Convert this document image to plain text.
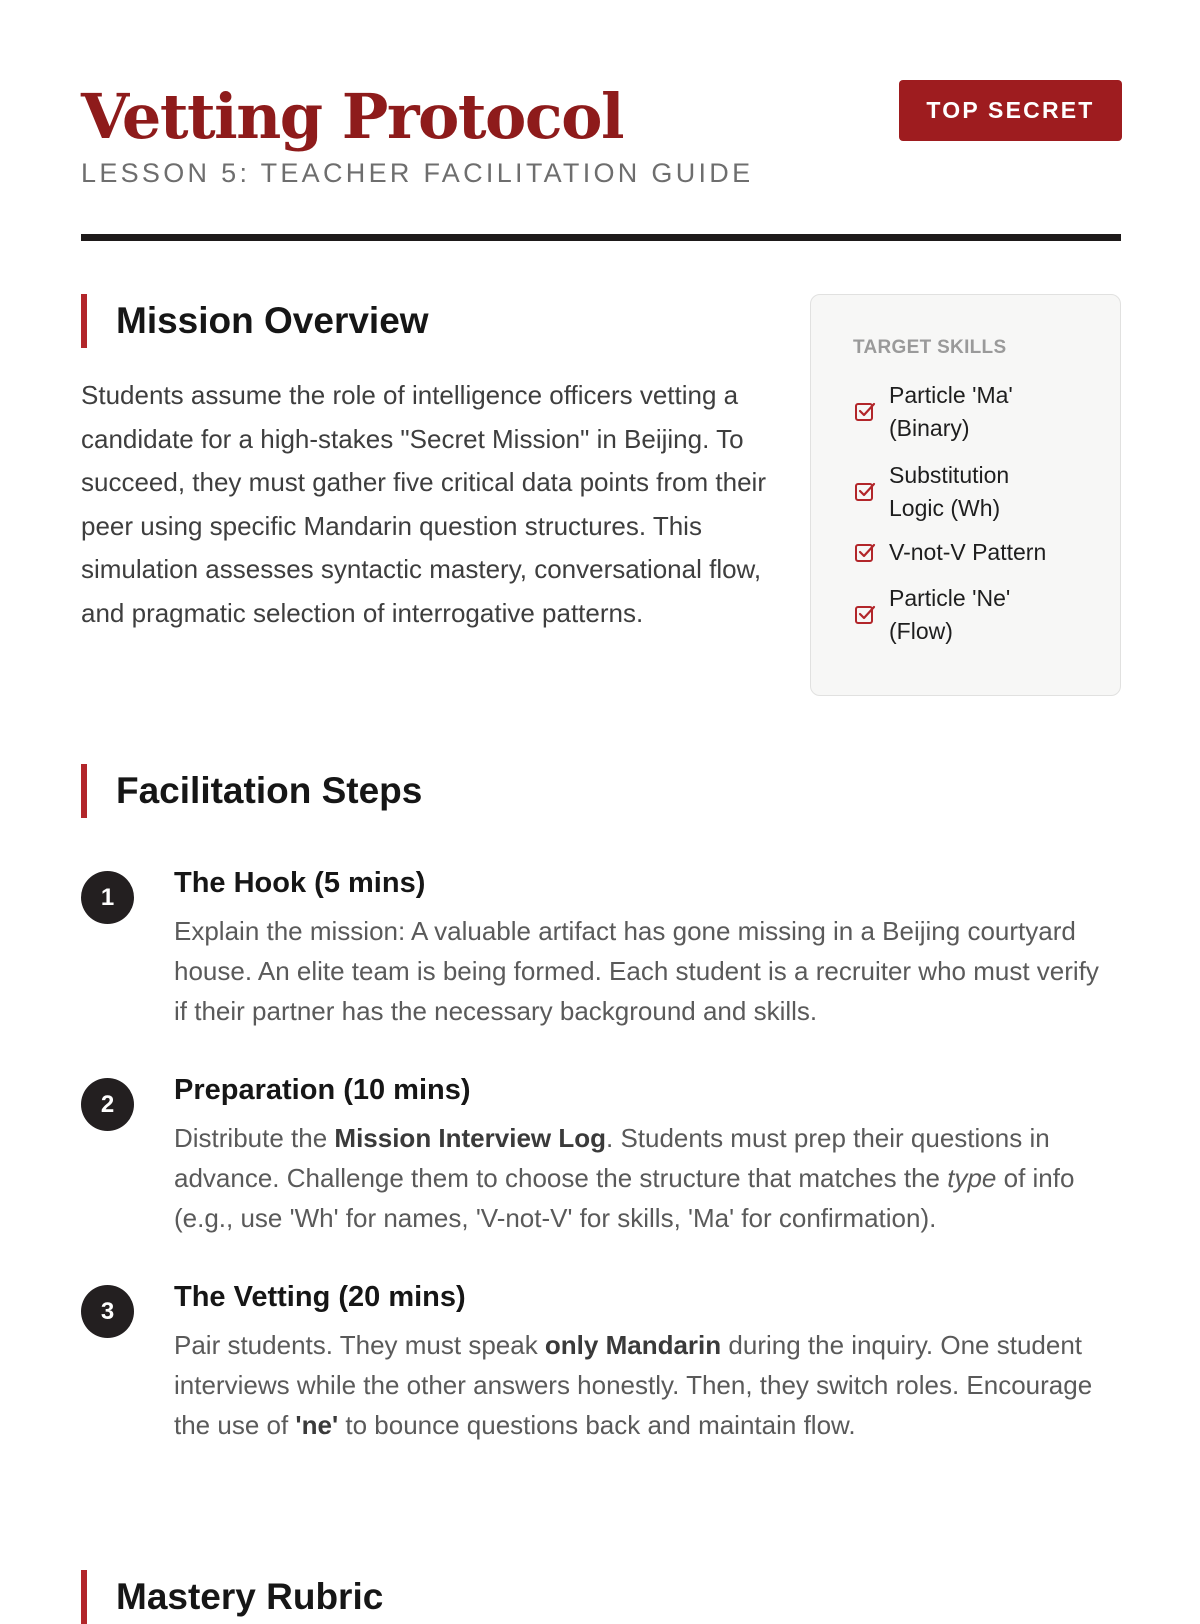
Vetting Protocol
LESSON 5: TEACHER FACILITATION GUIDE
TOP SECRET
Mission Overview

Students assume the role of intelligence officers vetting a candidate for a high-stakes "Secret Mission" in Beijing. To succeed, they must gather five critical data points from their peer using specific Mandarin question structures. This simulation assesses syntactic mastery, conversational flow, and pragmatic selection of interrogative patterns.

TARGET SKILLS
Particle 'Ma' (Binary)
Substitution Logic (Wh)
V-not-V Pattern
Particle 'Ne' (Flow)
Facilitation Steps
1	The Hook (5 mins)

Explain the mission: A valuable artifact has gone missing in a Beijing courtyard house. An elite team is being formed. Each student is a recruiter who must verify if their partner has the necessary background and skills.

2	Preparation (10 mins)

Distribute the Mission Interview Log. Students must prep their questions in advance. Challenge them to choose the structure that matches the type of info (e.g., use 'Wh' for names, 'V-not-V' for skills, 'Ma' for confirmation).

3	The Vetting (20 mins)

Pair students. They must speak only Mandarin during the inquiry. One student interviews while the other answers honestly. Then, they switch roles. Encourage the use of 'ne' to bounce questions back and maintain flow.

Mastery Rubric
